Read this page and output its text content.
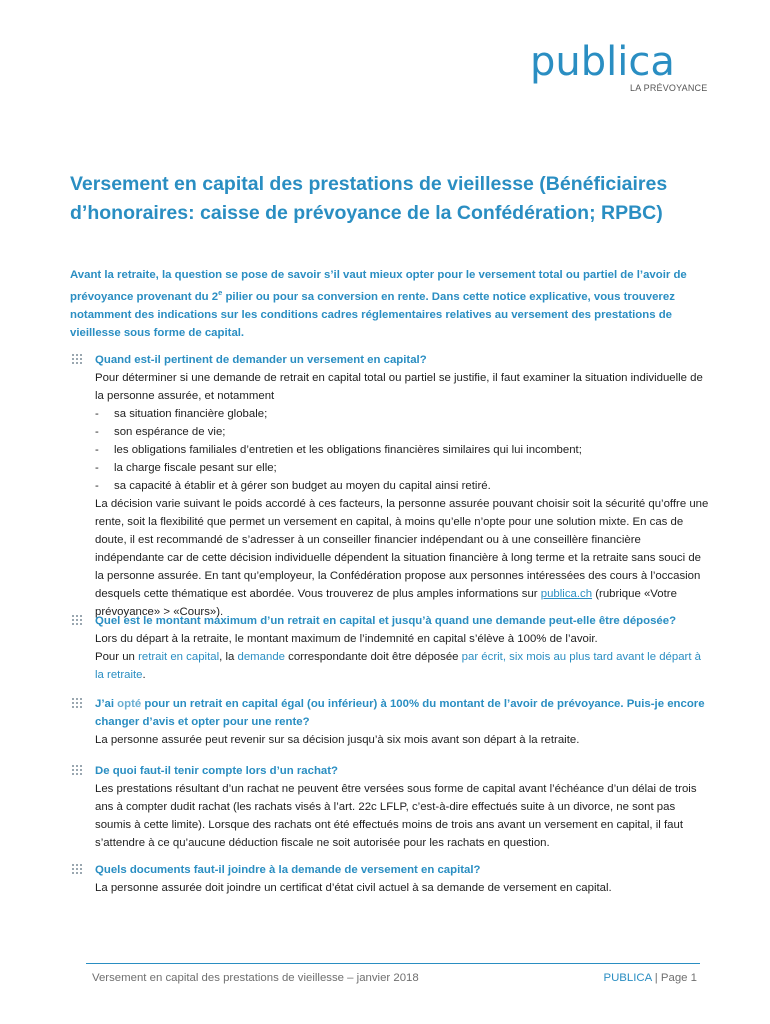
publica
LA PRÉVOYANCE
Versement en capital des prestations de vieillesse (Bénéficiaires d’honoraires: caisse de prévoyance de la Confédération; RPBC)

Avant la retraite, la question se pose de savoir s’il vaut mieux opter pour le versement total ou partiel de l’avoir de prévoyance provenant du 2e pilier ou pour sa conversion en rente. Dans cette notice explicative, vous trouverez notamment des indications sur les conditions cadres réglementaires relatives au versement des prestations de vieillesse sous forme de capital.

Quand est-il pertinent de demander un versement en capital?

Pour déterminer si une demande de retrait en capital total ou partiel se justifie, il faut examiner la situation individuelle de la personne assurée, et notamment

- sa situation financière globale;
- son espérance de vie;
- les obligations familiales d’entretien et les obligations financières similaires qui lui incombent;
- la charge fiscale pesant sur elle;
- sa capacité à établir et à gérer son budget au moyen du capital ainsi retiré.

La décision varie suivant le poids accordé à ces facteurs, la personne assurée pouvant choisir soit la sécurité qu’offre une rente, soit la flexibilité que permet un versement en capital, à moins qu’elle n’opte pour une solution mixte. En cas de doute, il est recommandé de s’adresser à un conseiller financier indépendant ou à une conseillère financière indépendante car de cette décision individuelle dépendent la situation financière à long terme et la retraite sans souci de la personne assurée. En tant qu’employeur, la Confédération propose aux personnes intéressées des cours à l’occasion desquels cette thématique est abordée. Vous trouverez de plus amples informations sur publica.ch (rubrique «Votre prévoyance» > «Cours»).

Quel est le montant maximum d’un retrait en capital et jusqu’à quand une demande peut-elle être déposée?

Lors du départ à la retraite, le montant maximum de l’indemnité en capital s’élève à 100% de l’avoir.

Pour un retrait en capital, la demande correspondante doit être déposée par écrit, six mois au plus tard avant le départ à la retraite.

J’ai opté pour un retrait en capital égal (ou inférieur) à 100% du montant de l’avoir de prévoyance. Puis-je encore changer d’avis et opter pour une rente?

La personne assurée peut revenir sur sa décision jusqu’à six mois avant son départ à la retraite.

De quoi faut-il tenir compte lors d’un rachat?

Les prestations résultant d’un rachat ne peuvent être versées sous forme de capital avant l’échéance d’un délai de trois ans à compter dudit rachat (les rachats visés à l’art. 22c LFLP, c’est-à-dire effectués suite à un divorce, ne sont pas soumis à cette limite). Lorsque des rachats ont été effectués moins de trois ans avant un versement en capital, il faut s’attendre à ce qu’aucune déduction fiscale ne soit autorisée pour les rachats en question.

Quels documents faut-il joindre à la demande de versement en capital?

La personne assurée doit joindre un certificat d’état civil actuel à sa demande de versement en capital.

Versement en capital des prestations de vieillesse – janvier 2018	PUBLICA | Page 1
